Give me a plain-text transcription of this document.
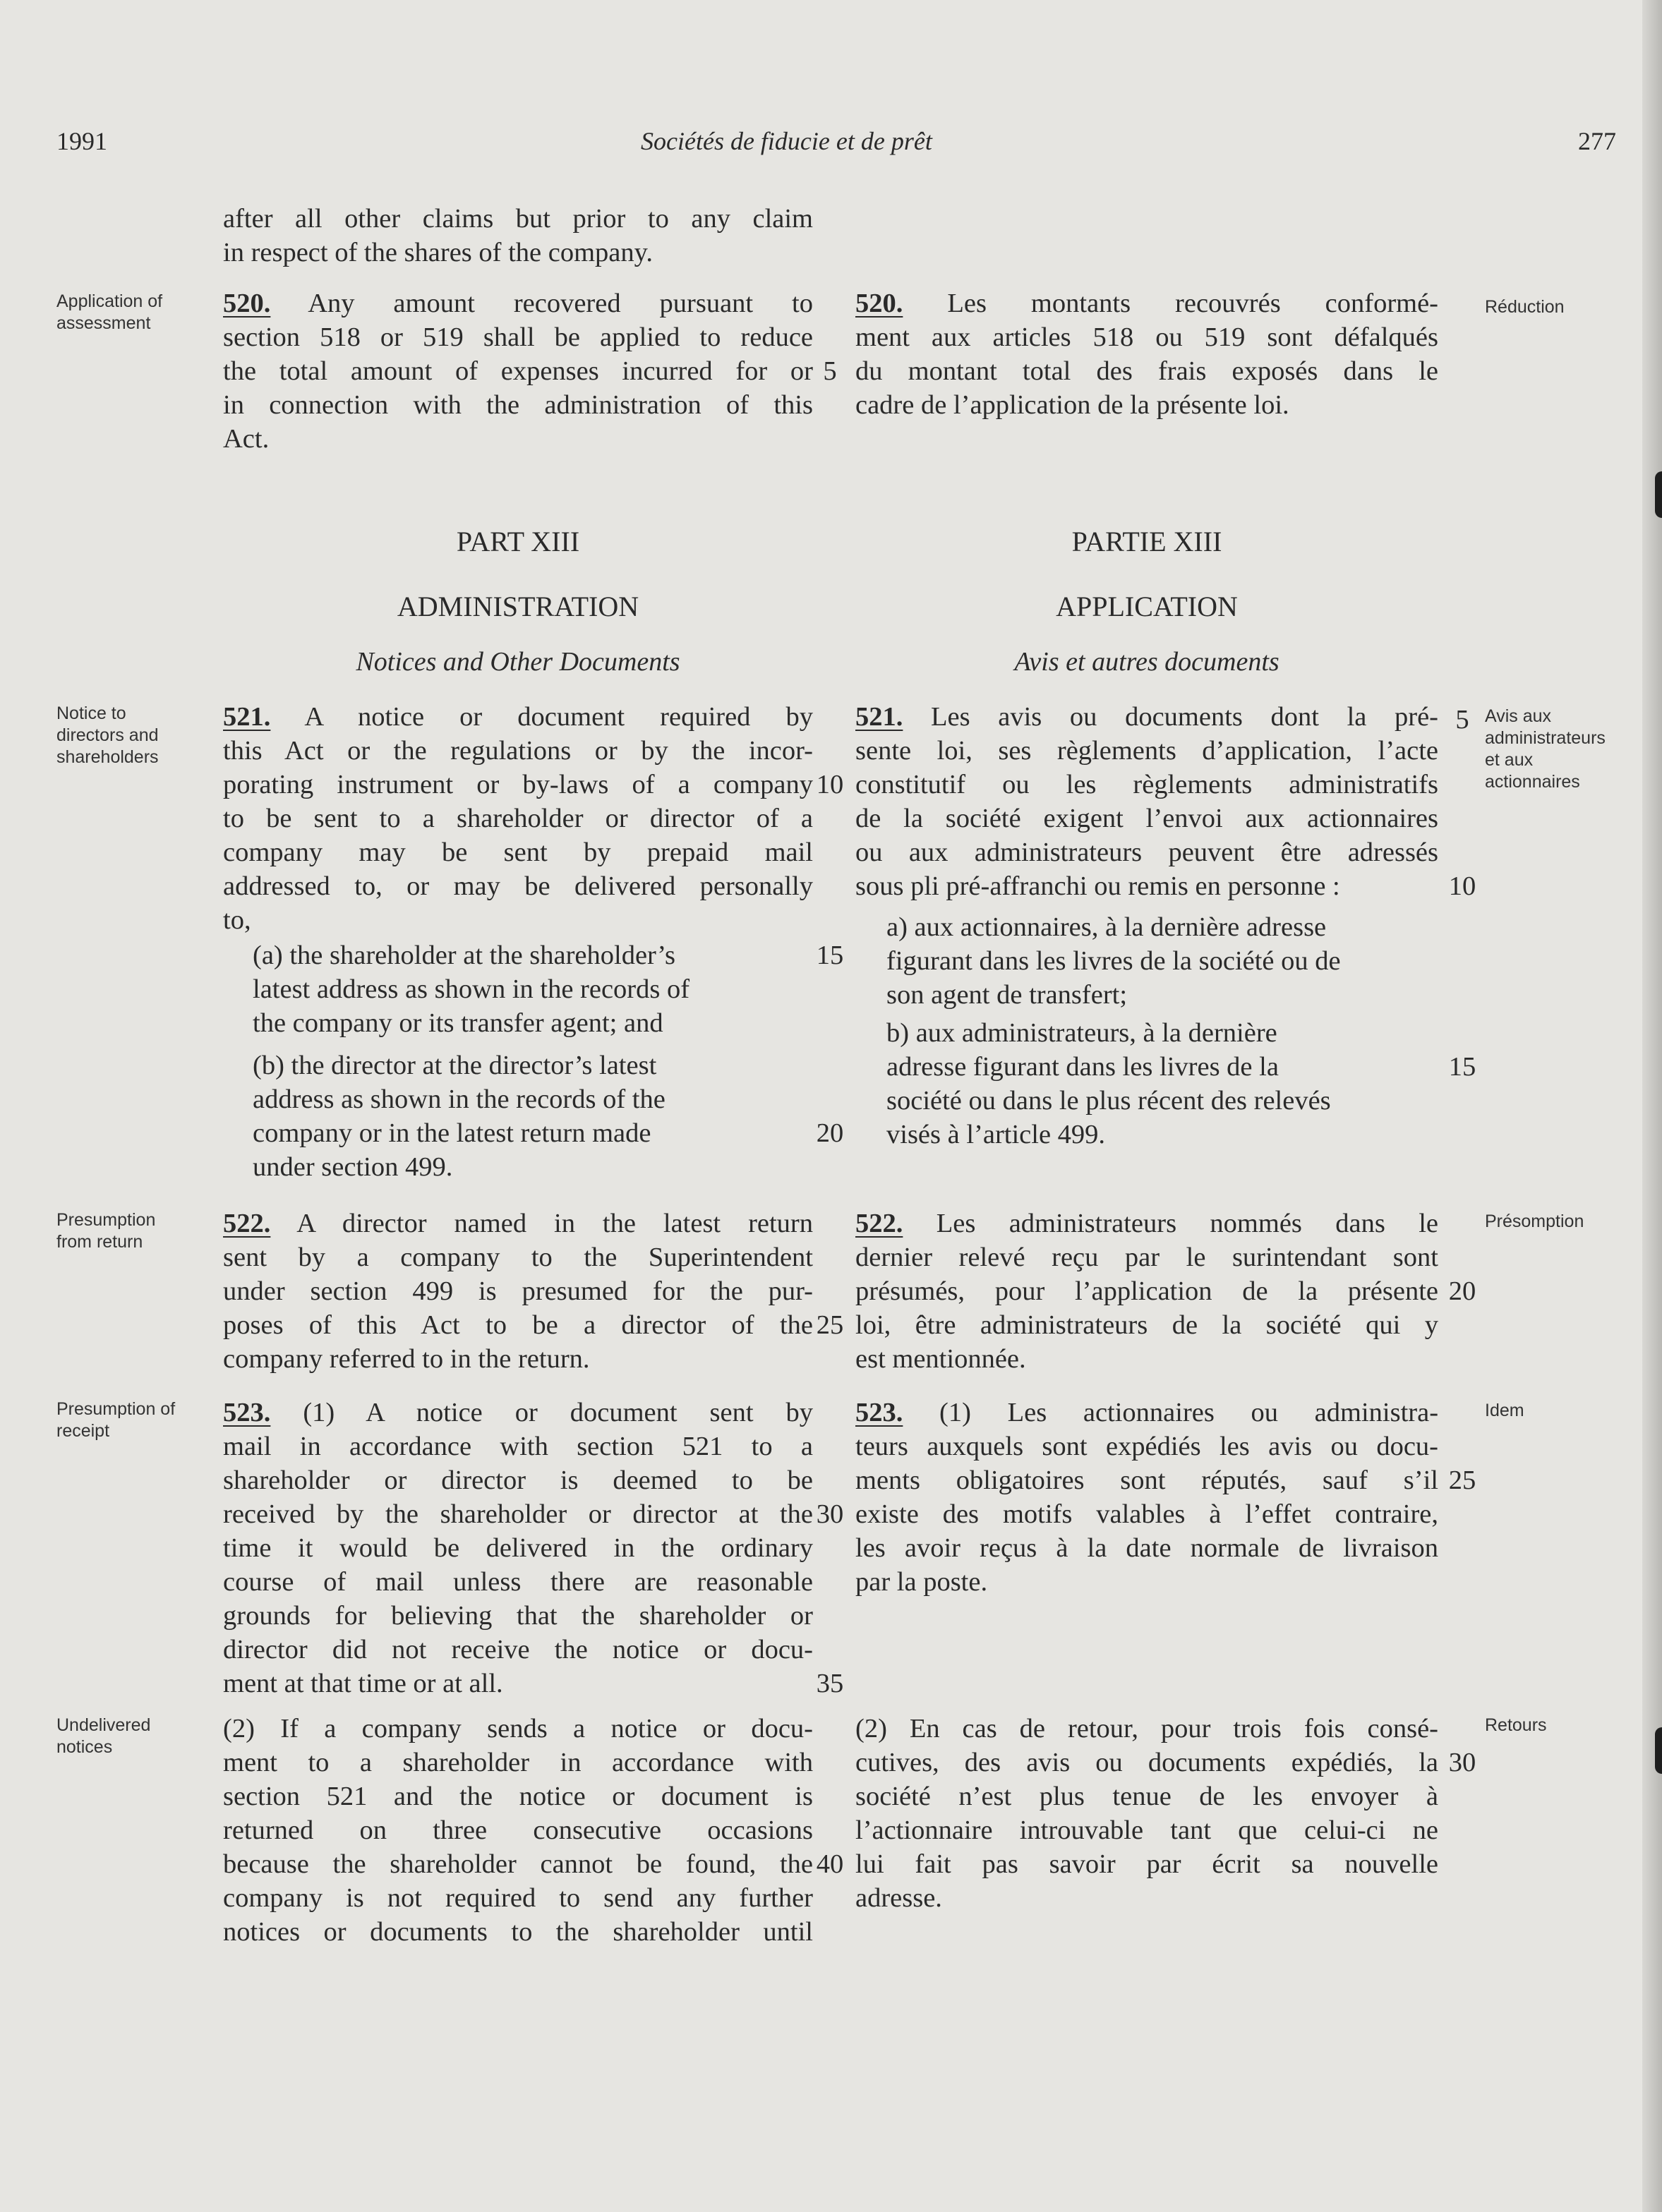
1991	Sociétés de fiducie et de prêt	277
after all other claims but prior to any claim
in respect of the shares of the company.
520. Any amount recovered pursuant to
section 518 or 519 shall be applied to reduce
the total amount of expenses incurred for or
in connection with the administration of this
Act.
520. Les montants recouvrés conformé-
ment aux articles 518 ou 519 sont défalqués
du montant total des frais exposés dans le
cadre de l’application de la présente loi.
PART XIII
ADMINISTRATION
Notices and Other Documents
PARTIE XIII
APPLICATION
Avis et autres documents
521. A notice or document required by
this Act or the regulations or by the incor-
porating instrument or by-laws of a company
to be sent to a shareholder or director of a
company may be sent by prepaid mail
addressed to, or may be delivered personally
to,
(a) the shareholder at the shareholder’s
latest address as shown in the records of
the company or its transfer agent; and
(b) the director at the director’s latest
address as shown in the records of the
company or in the latest return made
under section 499.
521. Les avis ou documents dont la pré-
sente loi, ses règlements d’application, l’acte
constitutif ou les règlements administratifs
de la société exigent l’envoi aux actionnaires
ou aux administrateurs peuvent être adressés
sous pli pré-affranchi ou remis en personne :
a) aux actionnaires, à la dernière adresse
figurant dans les livres de la société ou de
son agent de transfert;
b) aux administrateurs, à la dernière
adresse figurant dans les livres de la
société ou dans le plus récent des relevés
visés à l’article 499.
522. A director named in the latest return
sent by a company to the Superintendent
under section 499 is presumed for the pur-
poses of this Act to be a director of the
company referred to in the return.
522. Les administrateurs nommés dans le
dernier relevé reçu par le surintendant sont
présumés, pour l’application de la présente
loi, être administrateurs de la société qui y
est mentionnée.
523. (1) A notice or document sent by
mail in accordance with section 521 to a
shareholder or director is deemed to be
received by the shareholder or director at the
time it would be delivered in the ordinary
course of mail unless there are reasonable
grounds for believing that the shareholder or
director did not receive the notice or docu-
ment at that time or at all.
523. (1) Les actionnaires ou administra-
teurs auxquels sont expédiés les avis ou docu-
ments obligatoires sont réputés, sauf s’il
existe des motifs valables à l’effet contraire,
les avoir reçus à la date normale de livraison
par la poste.
(2) If a company sends a notice or docu-
ment to a shareholder in accordance with
section 521 and the notice or document is
returned on three consecutive occasions
because the shareholder cannot be found, the
company is not required to send any further
notices or documents to the shareholder until
(2) En cas de retour, pour trois fois consé-
cutives, des avis ou documents expédiés, la
société n’est plus tenue de les envoyer à
l’actionnaire introuvable tant que celui-ci ne
lui fait pas savoir par écrit sa nouvelle
adresse.
Application of
assessment
Notice to
directors and
shareholders
Presumption
from return
Presumption of
receipt
Undelivered
notices
Réduction
Avis aux
administrateurs
et aux
actionnaires
Présomption
Idem
Retours
5
10
15
20
25
30
35
40
5
10
15
20
25
30
